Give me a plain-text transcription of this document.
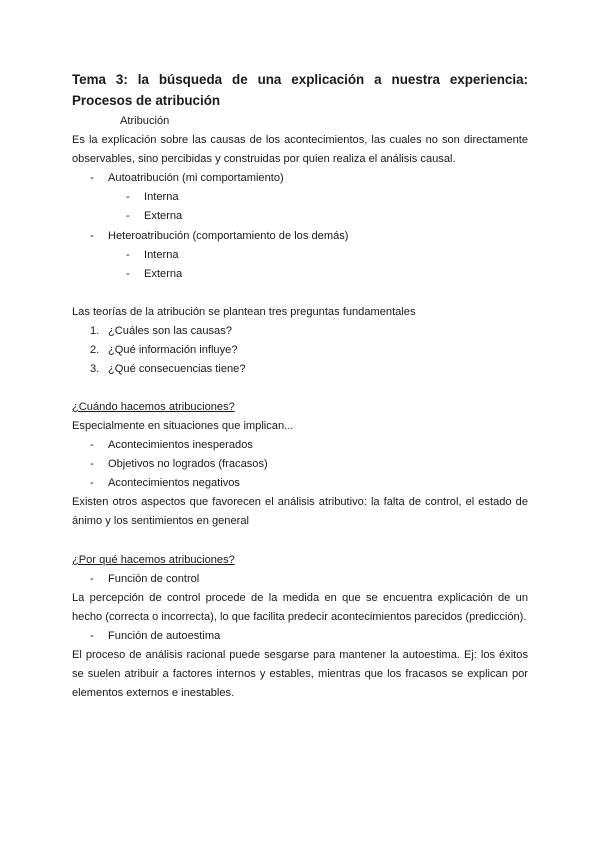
Tema 3: la búsqueda de una explicación a nuestra experiencia: Procesos de atribución
Atribución
Es la explicación sobre las causas de los acontecimientos, las cuales no son directamente
observables, sino percibidas y construidas por quien realiza el análisis causal.
- Autoatribución (mi comportamiento)
- Interna
- Externa
- Heteroatribución (comportamiento de los demás)
- Interna
- Externa
Las teorías de la atribución se plantean tres preguntas fundamentales
1. ¿Cuáles son las causas?
2. ¿Qué información influye?
3. ¿Qué consecuencias tiene?
¿Cuándo hacemos atribuciones?
Especialmente en situaciones que implican...
- Acontecimientos inesperados
- Objetivos no logrados (fracasos)
- Acontecimientos negativos
Existen otros aspectos que favorecen el análisis atributivo: la falta de control, el estado de
ánimo y los sentimientos en general
¿Por qué hacemos atribuciones?
- Función de control
La percepción de control procede de la medida en que se encuentra explicación de un
hecho (correcta o incorrecta), lo que facilita predecir acontecimientos parecidos (predicción).
- Función de autoestima
El proceso de análisis racional puede sesgarse para mantener la autoestima. Ej: los éxitos
se suelen atribuir a factores internos y estables, mientras que los fracasos se explican por
elementos externos e inestables.
